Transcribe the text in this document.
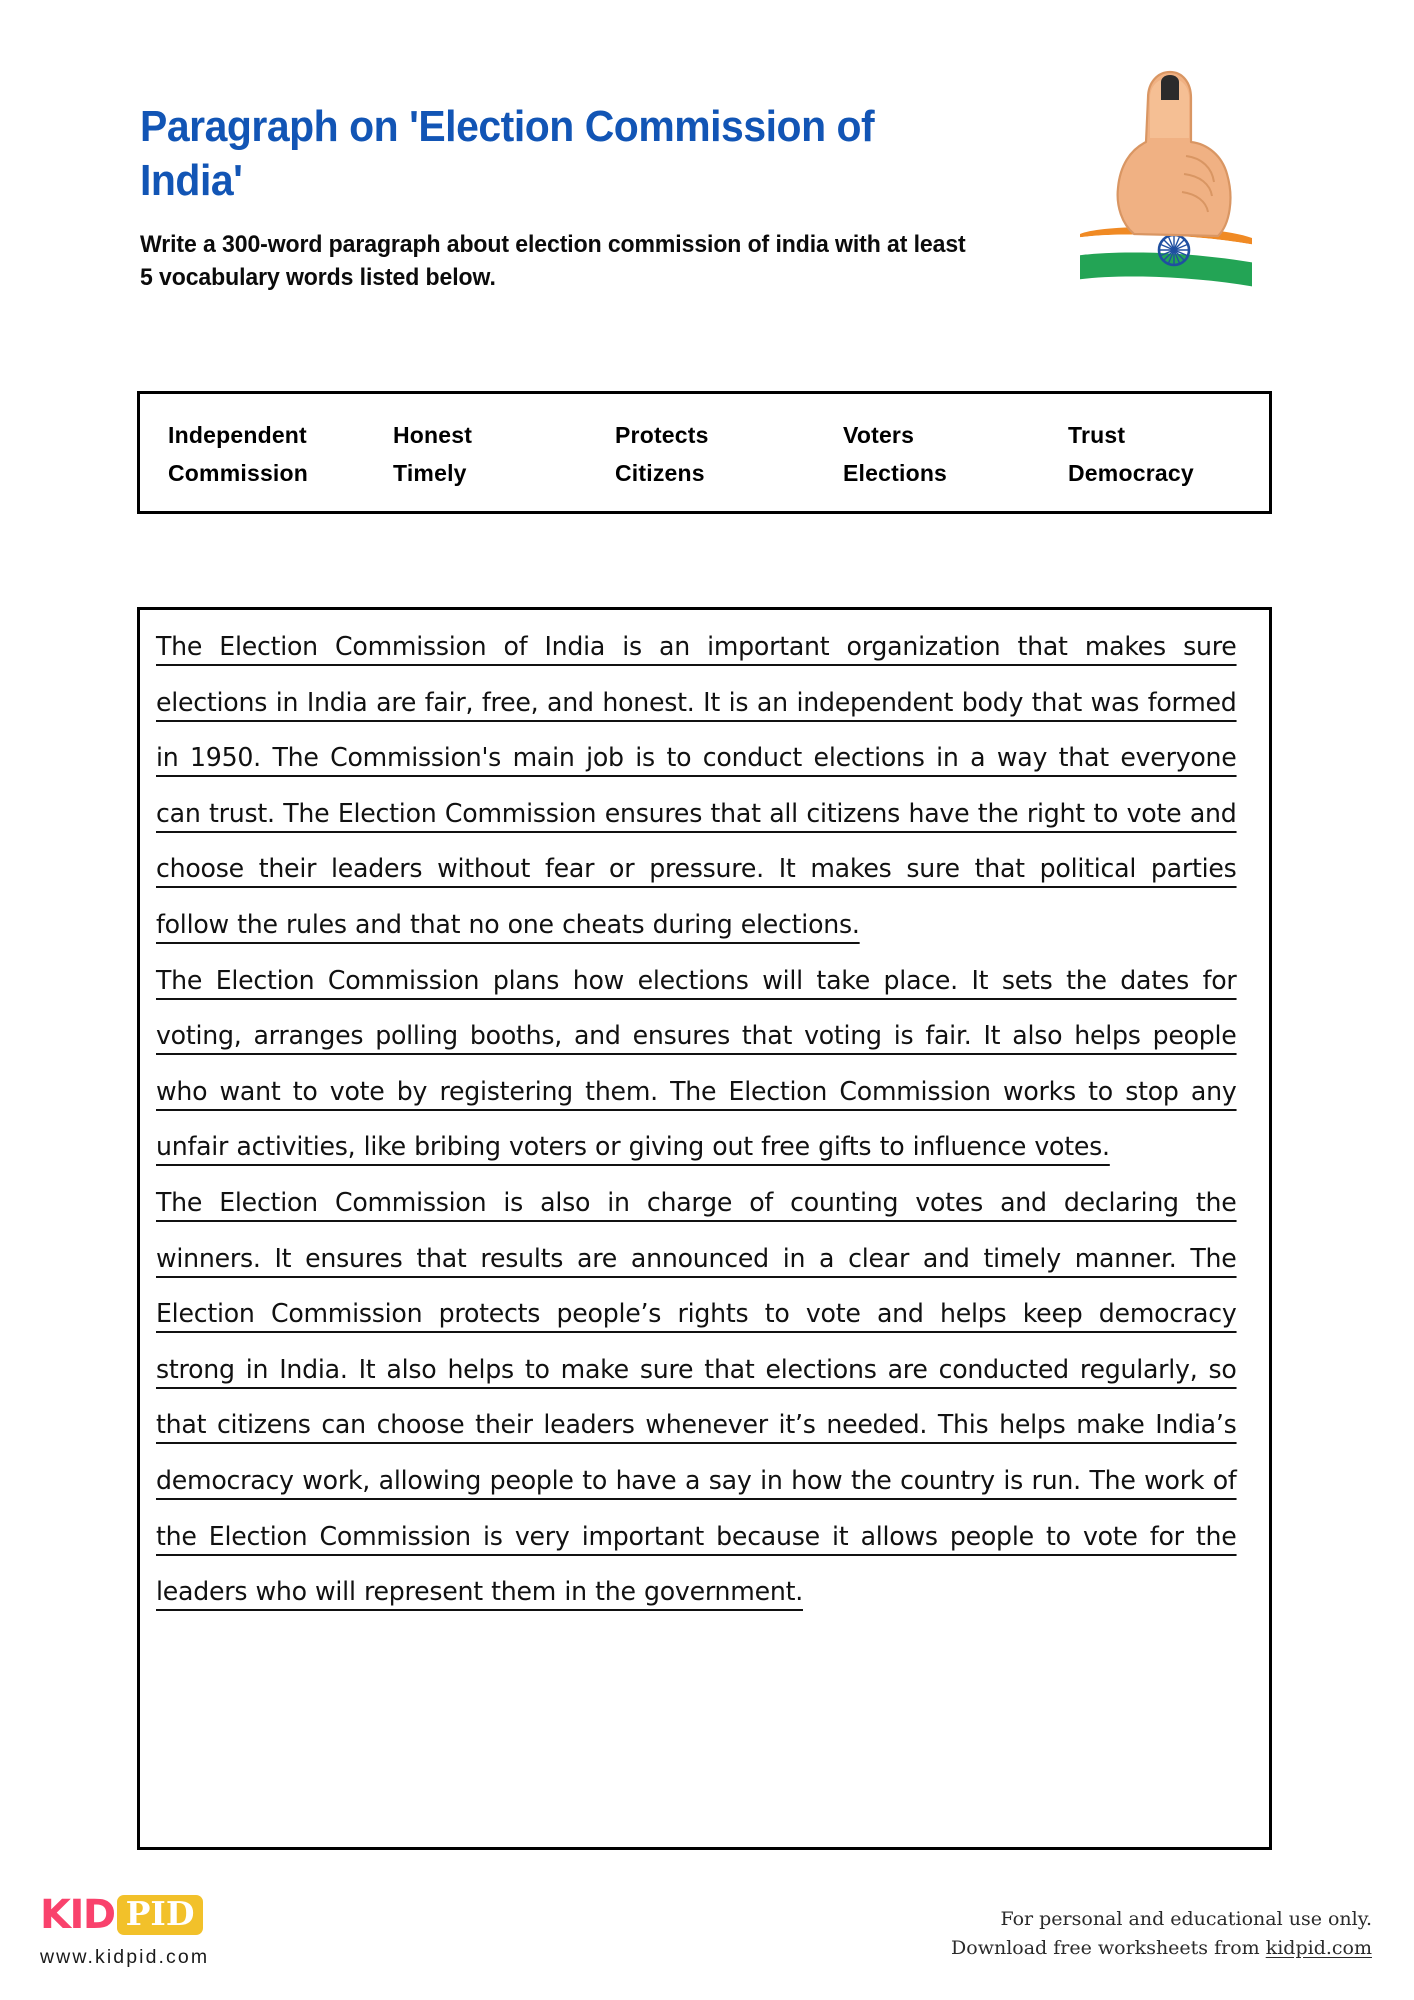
Paragraph on 'Election Commission of India'
Write a 300-word paragraph about election commission of india with at least 5 vocabulary words listed below.
Independent	Honest	Protects	Voters	Trust
Commission	Timely	Citizens	Elections	Democracy
The Election Commission of India is an important organization that makes sure elections in India are fair, free, and honest. It is an independent body that was formed in 1950. The Commission's main job is to conduct elections in a way that everyone can trust. The Election Commission ensures that all citizens have the right to vote and choose their leaders without fear or pressure. It makes sure that political parties follow the rules and that no one cheats during elections.
The Election Commission plans how elections will take place. It sets the dates for voting, arranges polling booths, and ensures that voting is fair. It also helps people who want to vote by registering them. The Election Commission works to stop any unfair activities, like bribing voters or giving out free gifts to influence votes.
The Election Commission is also in charge of counting votes and declaring the winners. It ensures that results are announced in a clear and timely manner. The Election Commission protects people’s rights to vote and helps keep democracy strong in India. It also helps to make sure that elections are conducted regularly, so that citizens can choose their leaders whenever it’s needed. This helps make India’s democracy work, allowing people to have a say in how the country is run. The work of the Election Commission is very important because it allows people to vote for the leaders who will represent them in the government.
KID PID
www.kidpid.com
For personal and educational use only.
Download free worksheets from kidpid.com
